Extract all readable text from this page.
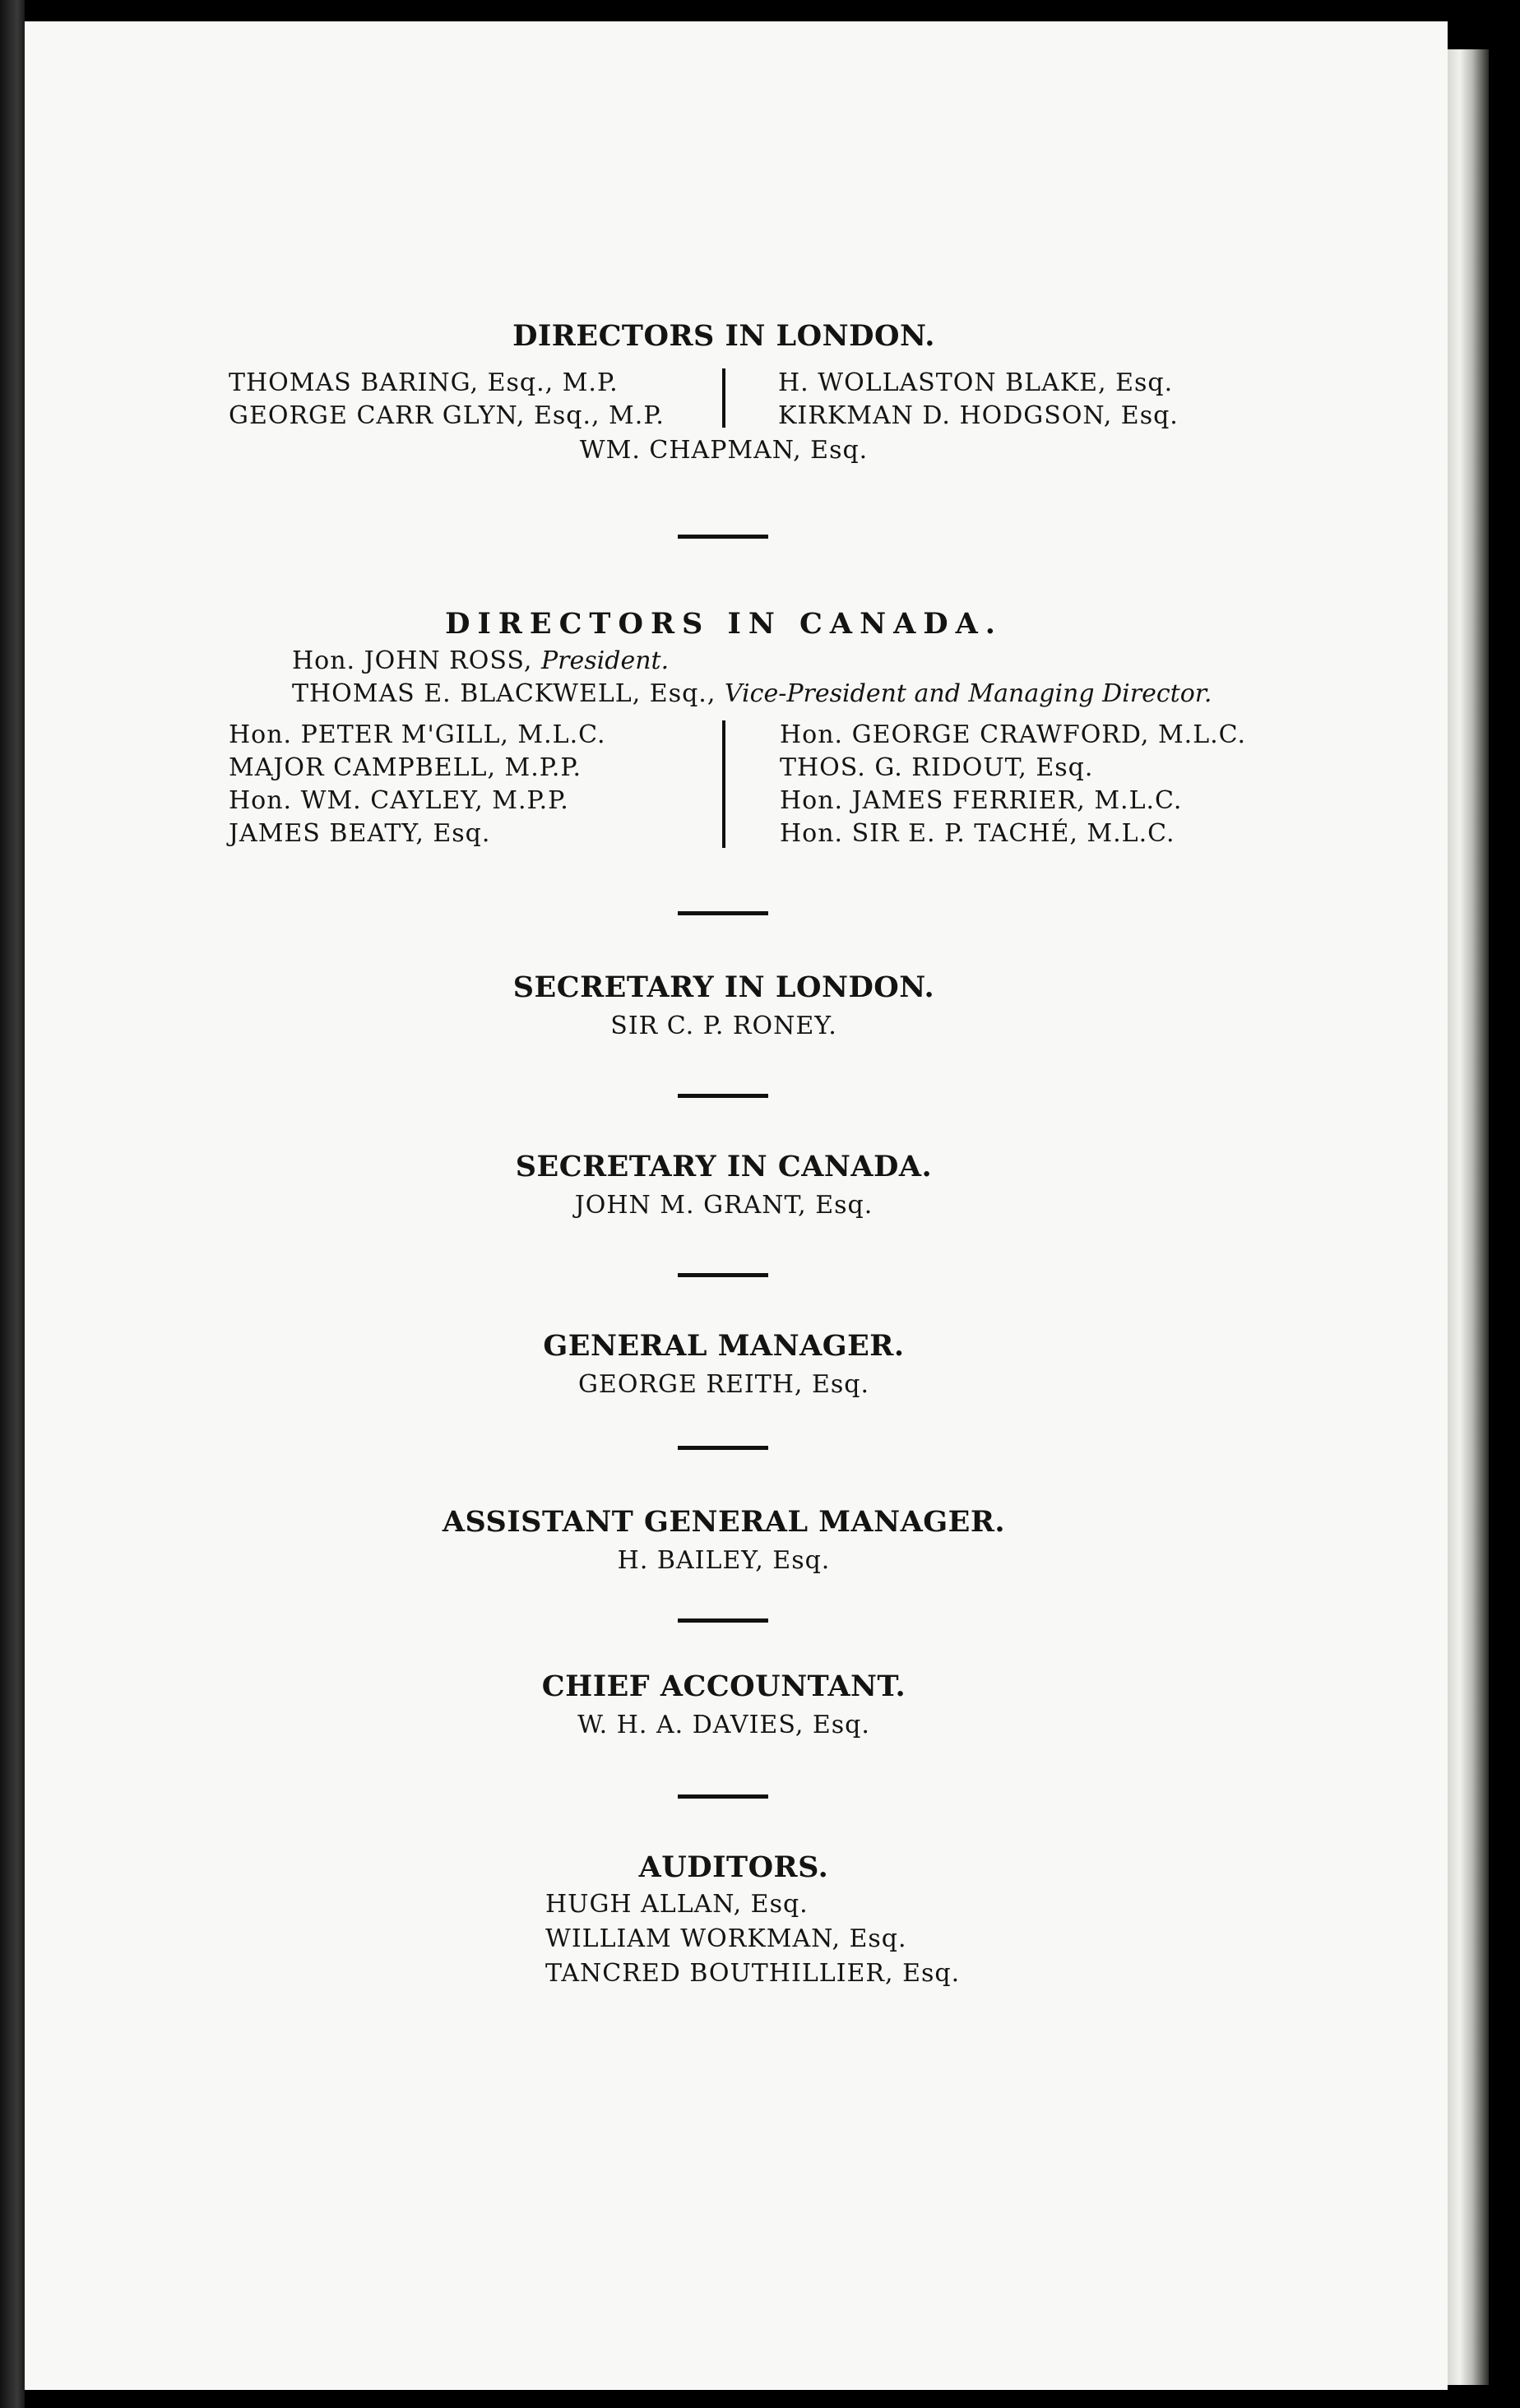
DIRECTORS IN LONDON.
THOMAS BARING, Esq., M.P.
GEORGE CARR GLYN, Esq., M.P.
H. WOLLASTON BLAKE, Esq.
KIRKMAN D. HODGSON, Esq.
WM. CHAPMAN, Esq.
DIRECTORS IN CANADA.
Hon. JOHN ROSS, President.
THOMAS E. BLACKWELL, Esq., Vice-President and Managing Director.
Hon. PETER M'GILL, M.L.C.
MAJOR CAMPBELL, M.P.P.
Hon. WM. CAYLEY, M.P.P.
JAMES BEATY, Esq.
Hon. GEORGE CRAWFORD, M.L.C.
THOS. G. RIDOUT, Esq.
Hon. JAMES FERRIER, M.L.C.
Hon. SIR E. P. TACHÉ, M.L.C.
SECRETARY IN LONDON.
SIR C. P. RONEY.
SECRETARY IN CANADA.
JOHN M. GRANT, Esq.
GENERAL MANAGER.
GEORGE REITH, Esq.
ASSISTANT GENERAL MANAGER.
H. BAILEY, Esq.
CHIEF ACCOUNTANT.
W. H. A. DAVIES, Esq.
AUDITORS.
HUGH ALLAN, Esq.
WILLIAM WORKMAN, Esq.
TANCRED BOUTHILLIER, Esq.
